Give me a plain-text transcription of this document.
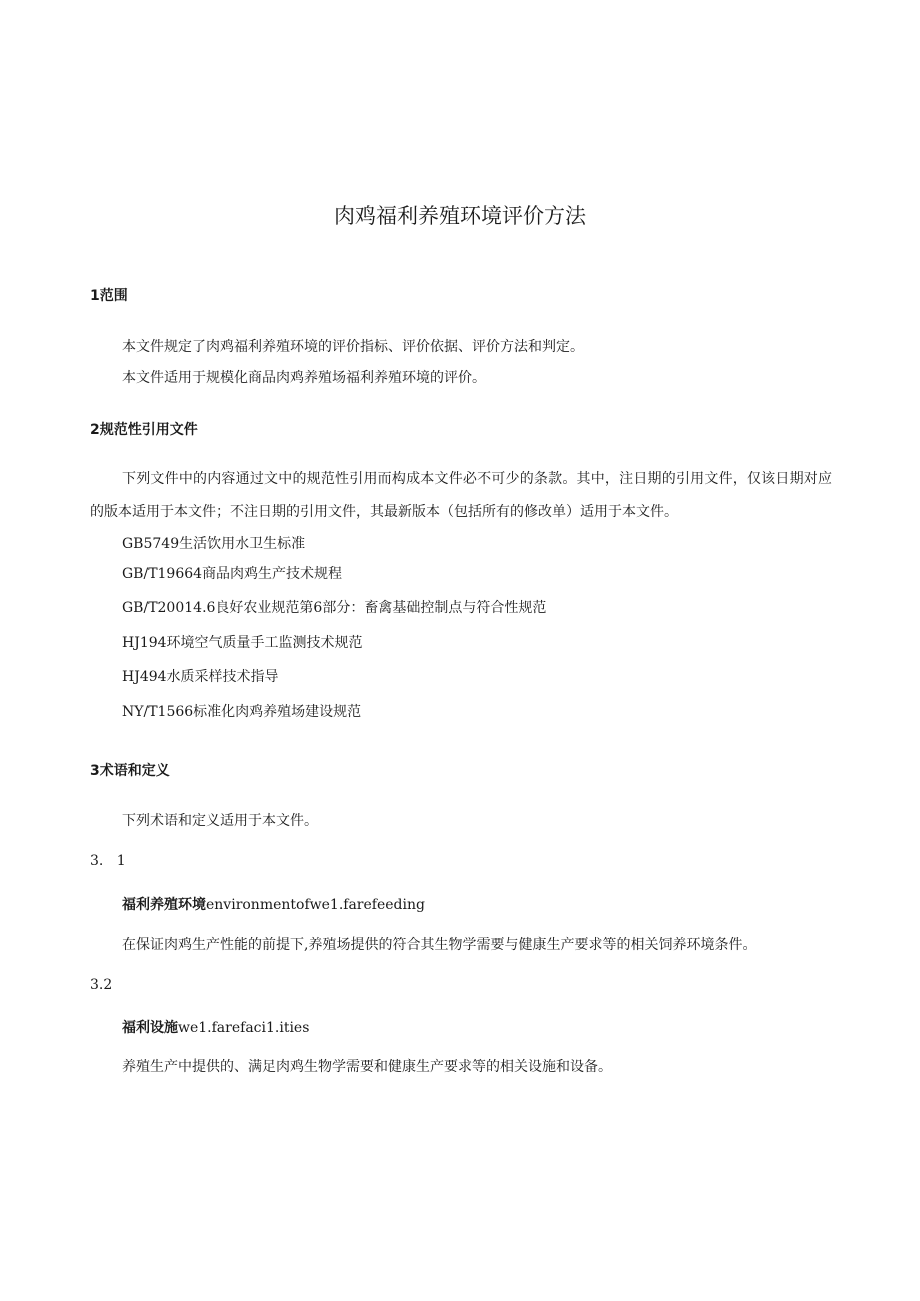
肉鸡福利养殖环境评价方法
1范围
本文件规定了肉鸡福利养殖环境的评价指标、评价依据、评价方法和判定。
本文件适用于规模化商品肉鸡养殖场福利养殖环境的评价。
2规范性引用文件
下列文件中的内容通过文中的规范性引用而构成本文件必不可少的条款。其中，注日期的引用文件，仅该日期对应的版本适用于本文件；不注日期的引用文件，其最新版本（包括所有的修改单）适用于本文件。
GB5749生活饮用水卫生标准
GB/T19664商品肉鸡生产技术规程
GB/T20014.6良好农业规范第6部分：畜禽基础控制点与符合性规范
HJ194环境空气质量手工监测技术规范
HJ494水质采样技术指导
NY/T1566标准化肉鸡养殖场建设规范
3术语和定义
下列术语和定义适用于本文件。
3.   1
福利养殖环境environmentofwe1.farefeeding
在保证肉鸡生产性能的前提下,养殖场提供的符合其生物学需要与健康生产要求等的相关饲养环境条件。
3.2
福利设施we1.farefaci1.ities
养殖生产中提供的、满足肉鸡生物学需要和健康生产要求等的相关设施和设备。
